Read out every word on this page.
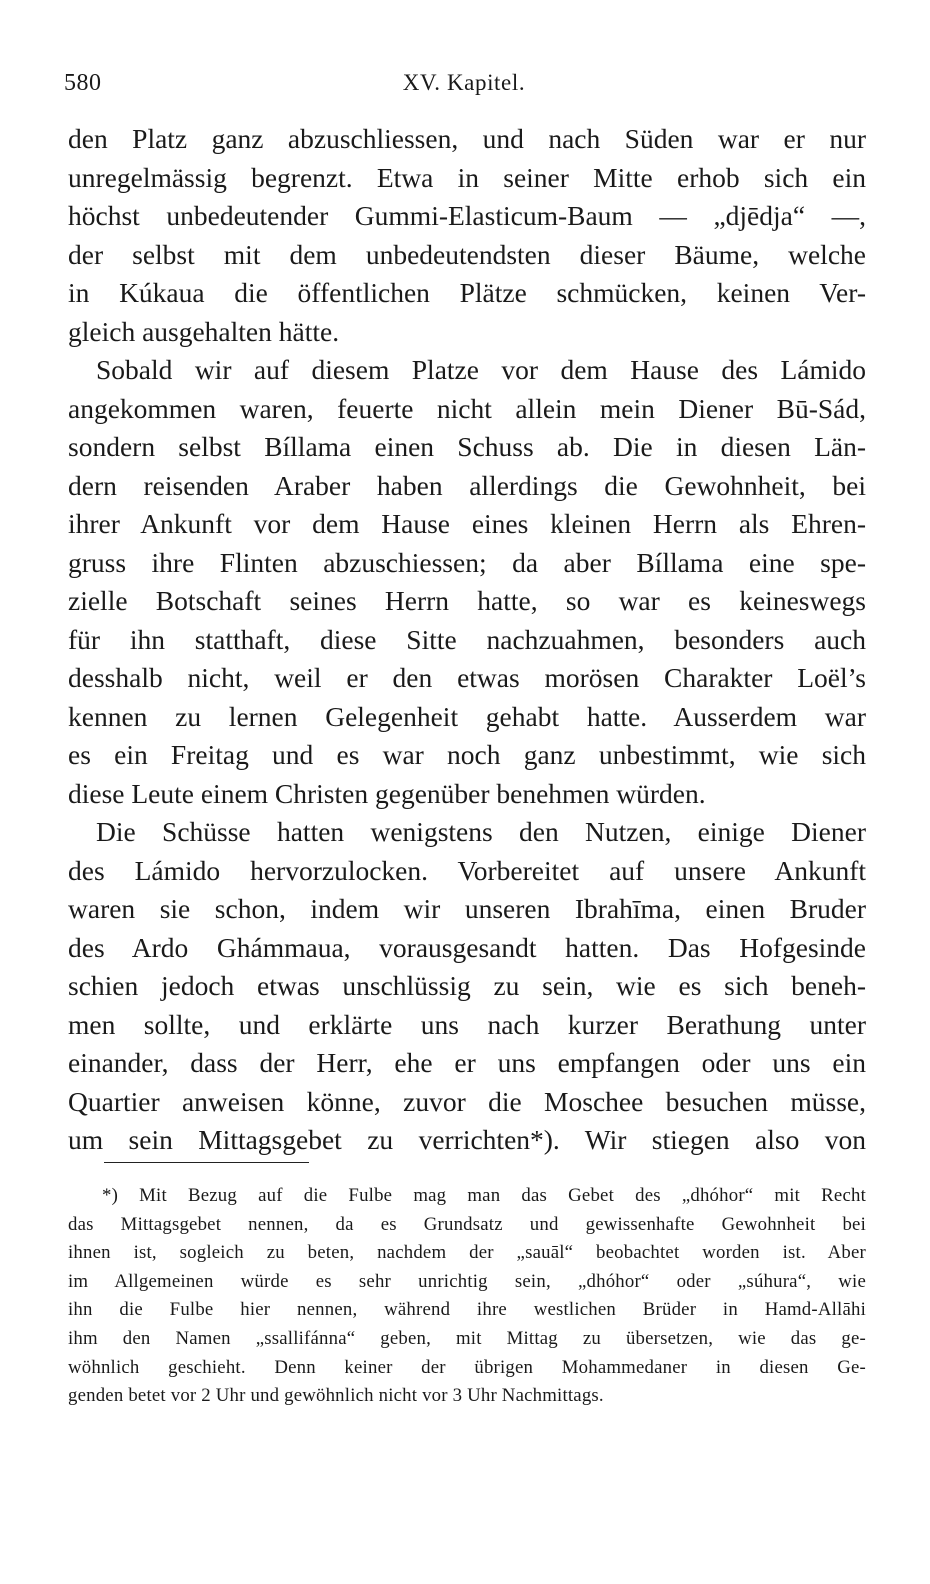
580	XV. Kapitel.
den Platz ganz abzuschliessen, und nach Süden war er nur
unregelmässig begrenzt. Etwa in seiner Mitte erhob sich ein
höchst unbedeutender Gummi-Elasticum-Baum — „djēdja“ —,
der selbst mit dem unbedeutendsten dieser Bäume, welche
in Kúkaua die öffentlichen Plätze schmücken, keinen Ver-
gleich ausgehalten hätte.
Sobald wir auf diesem Platze vor dem Hause des Lámido
angekommen waren, feuerte nicht allein mein Diener Bū-Sád,
sondern selbst Bíllama einen Schuss ab. Die in diesen Län-
dern reisenden Araber haben allerdings die Gewohnheit, bei
ihrer Ankunft vor dem Hause eines kleinen Herrn als Ehren-
gruss ihre Flinten abzuschiessen; da aber Bíllama eine spe-
zielle Botschaft seines Herrn hatte, so war es keineswegs
für ihn statthaft, diese Sitte nachzuahmen, besonders auch
desshalb nicht, weil er den etwas morösen Charakter Loël’s
kennen zu lernen Gelegenheit gehabt hatte. Ausserdem war
es ein Freitag und es war noch ganz unbestimmt, wie sich
diese Leute einem Christen gegenüber benehmen würden.
Die Schüsse hatten wenigstens den Nutzen, einige Diener
des Lámido hervorzulocken. Vorbereitet auf unsere Ankunft
waren sie schon, indem wir unseren Ibrahīma, einen Bruder
des Ardo Ghámmaua, vorausgesandt hatten. Das Hofgesinde
schien jedoch etwas unschlüssig zu sein, wie es sich beneh-
men sollte, und erklärte uns nach kurzer Berathung unter
einander, dass der Herr, ehe er uns empfangen oder uns ein
Quartier anweisen könne, zuvor die Moschee besuchen müsse,
um sein Mittagsgebet zu verrichten*). Wir stiegen also von
*) Mit Bezug auf die Fulbe mag man das Gebet des „dhóhor“ mit Recht
das Mittagsgebet nennen, da es Grundsatz und gewissenhafte Gewohnheit bei
ihnen ist, sogleich zu beten, nachdem der „sauāl“ beobachtet worden ist. Aber
im Allgemeinen würde es sehr unrichtig sein, „dhóhor“ oder „súhura“, wie
ihn die Fulbe hier nennen, während ihre westlichen Brüder in Hamd-Allāhi
ihm den Namen „ssallifánna“ geben, mit Mittag zu übersetzen, wie das ge-
wöhnlich geschieht. Denn keiner der übrigen Mohammedaner in diesen Ge-
genden betet vor 2 Uhr und gewöhnlich nicht vor 3 Uhr Nachmittags.
